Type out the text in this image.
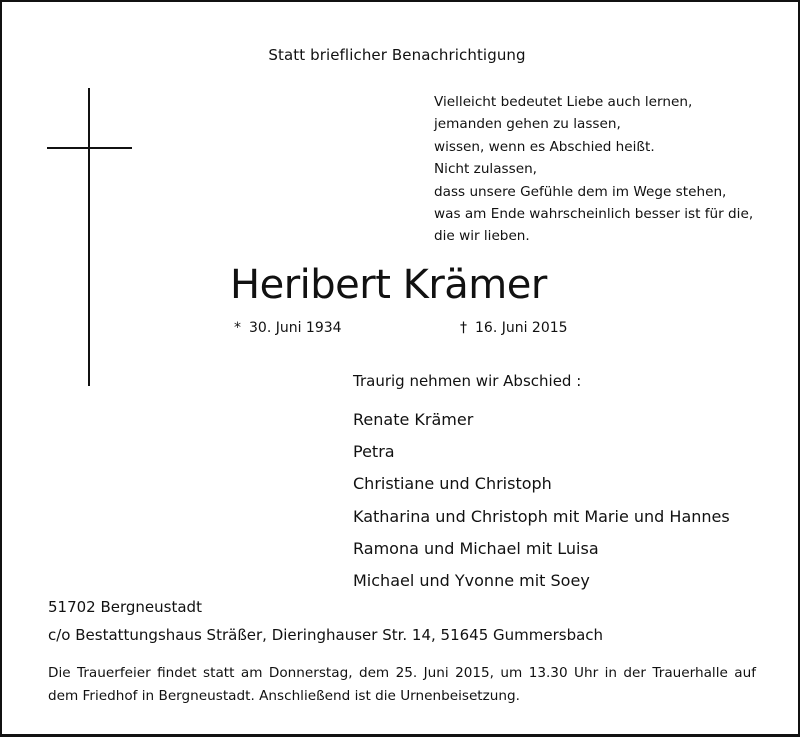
Statt brieflicher Benachrichtigung
Vielleicht bedeutet Liebe auch lernen,
jemanden gehen zu lassen,
wissen, wenn es Abschied heißt.
Nicht zulassen,
dass unsere Gefühle dem im Wege stehen,
was am Ende wahrscheinlich besser ist für die,
die wir lieben.
Heribert Krämer
* 30. Juni 1934	† 16. Juni 2015
Traurig nehmen wir Abschied :
Renate Krämer
Petra
Christiane und Christoph
Katharina und Christoph mit Marie und Hannes
Ramona und Michael mit Luisa
Michael und Yvonne mit Soey
51702 Bergneustadt
c/o Bestattungshaus Sträßer, Dieringhauser Str. 14, 51645 Gummersbach
Die Trauerfeier findet statt am Donnerstag, dem 25. Juni 2015, um 13.30 Uhr in der Trauerhalle auf dem Friedhof in Bergneustadt. Anschließend ist die Urnenbeisetzung.
